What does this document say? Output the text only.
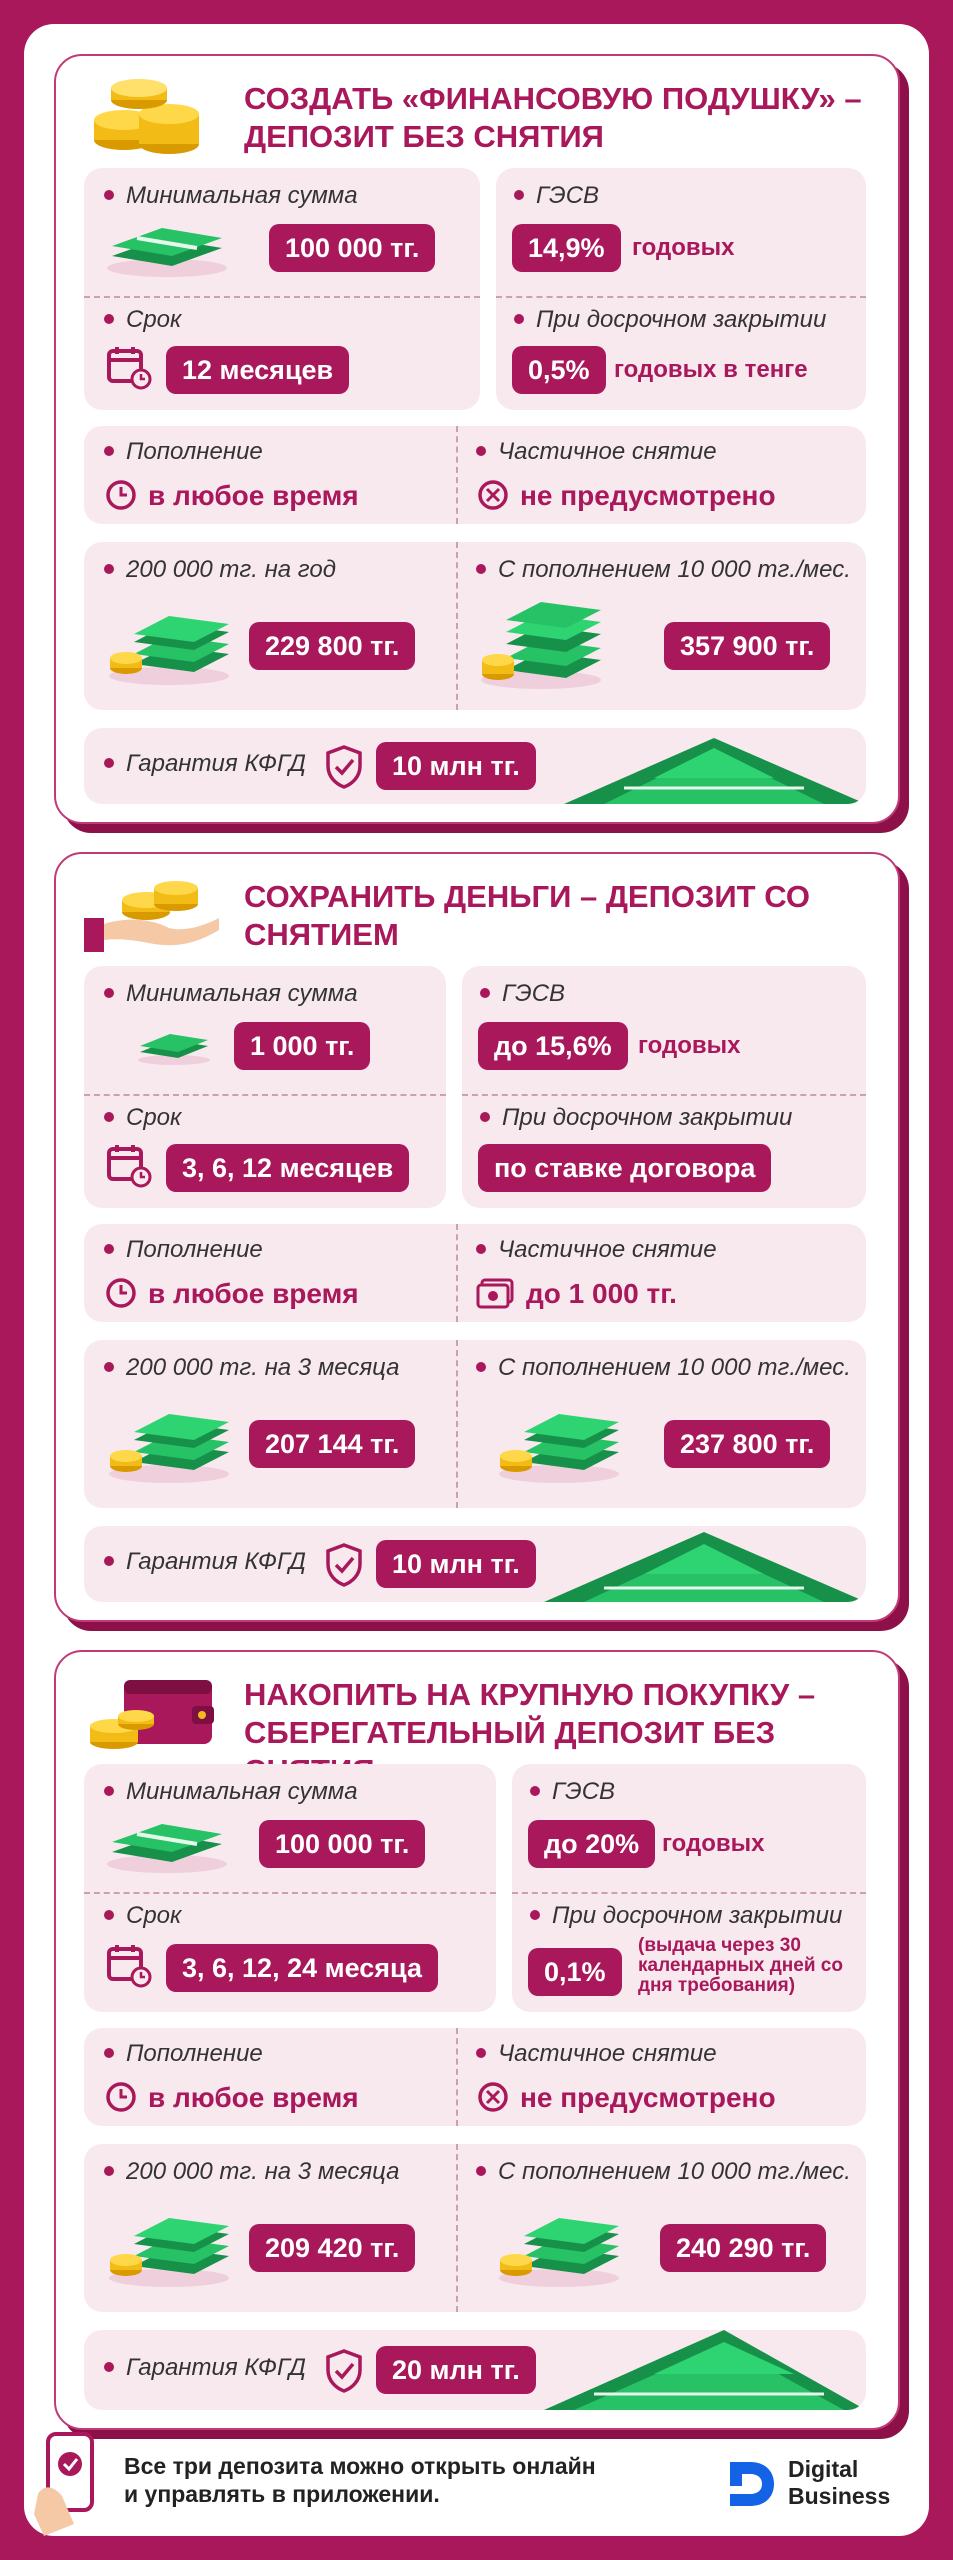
СОЗДАТЬ «ФИНАНСОВУЮ ПОДУШКУ» – ДЕПОЗИТ БЕЗ СНЯТИЯ
Минимальная сумма
100 000 тг.
Срок
12 месяцев
ГЭСВ
14,9%	годовых
При досрочном закрытии
0,5%	годовых в тенге
Пополнение
в любое время
Частичное снятие
не предусмотрено
200 000 тг. на год
229 800 тг.
С пополнением 10 000 тг./мес.
357 900 тг.
Гарантия КФГД	10 млн тг.
СОХРАНИТЬ ДЕНЬГИ – ДЕПОЗИТ СО СНЯТИЕМ
Минимальная сумма
1 000 тг.
Срок
3, 6, 12 месяцев
ГЭСВ
до 15,6%	годовых
При досрочном закрытии
по ставке договора
Пополнение
в любое время
Частичное снятие
до 1 000 тг.
200 000 тг. на 3 месяца
207 144 тг.
С пополнением 10 000 тг./мес.
237 800 тг.
Гарантия КФГД	10 млн тг.
НАКОПИТЬ НА КРУПНУЮ ПОКУПКУ – СБЕРЕГАТЕЛЬНЫЙ ДЕПОЗИТ БЕЗ
Минимальная сумма
100 000 тг.
Срок
3, 6, 12, 24 месяца
ГЭСВ
до 20% годовых
При досрочном закрытии
0,1%
(выдача через 30 календарных дней со дня требования)
Пополнение
в любое время
Частичное снятие
не предусмотрено
200 000 тг. на 3 месяца
209 420 тг.
С пополнением 10 000 тг./мес.
240 290 тг.
Гарантия КФГД	20 млн тг.
Все три депозита можно открыть онлайн
и управлять в приложении.
Digital
Business
